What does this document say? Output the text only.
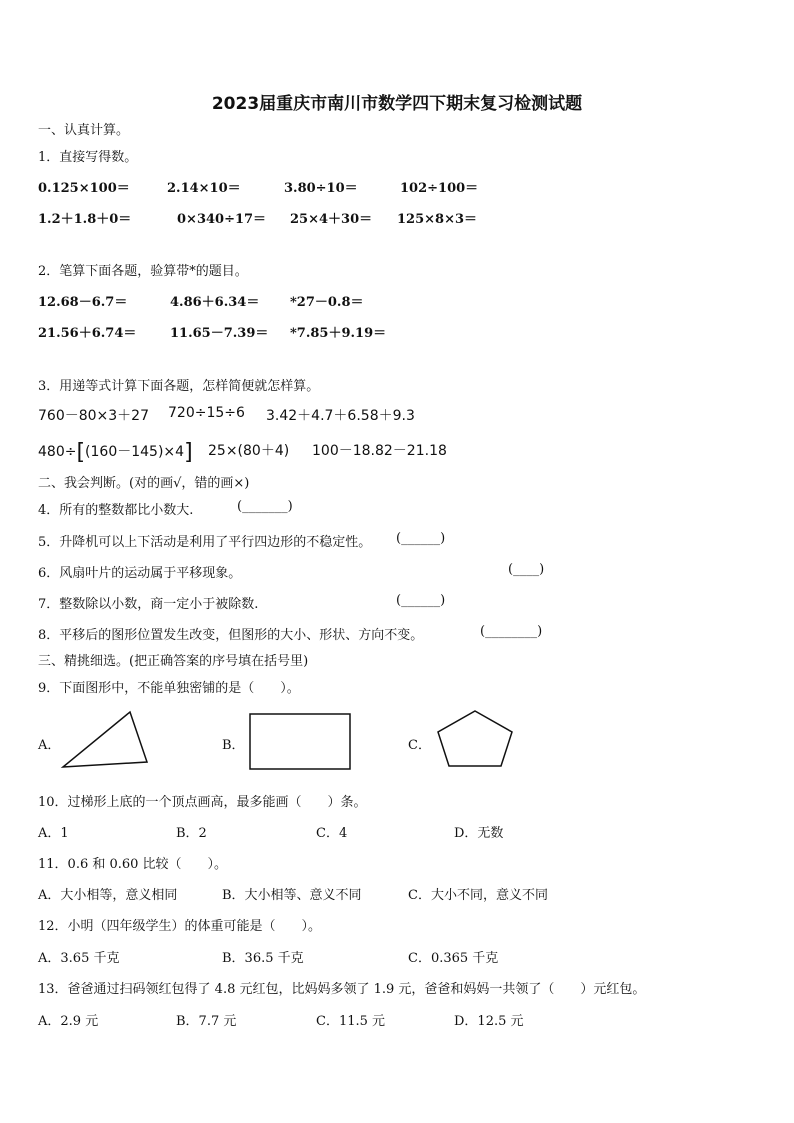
2023届重庆市南川市数学四下期末复习检测试题
一、认真计算。
1．直接写得数。
0.125×100＝	2.14×10＝	3.80÷10＝	102÷100＝
1.2＋1.8＋0＝	0×340÷17＝ 25×4＋30＝ 125×8×3＝
2．笔算下面各题，验算带*的题目。
12.68－6.7＝	4.86＋6.34＝ *27－0.8＝
21.56＋6.74＝	11.65－7.39＝ *7.85＋9.19＝
3．用递等式计算下面各题，怎样简便就怎样算。
760－80×3＋27 720÷15÷6 3.42＋4.7＋6.58＋9.3
480÷[(160－145)×4] 25×(80＋4) 100－18.82－21.18
二、我会判断。(对的画√，错的画×)
4．所有的整数都比小数大.	(_______)
5．升降机可以上下活动是利用了平行四边形的不稳定性。 (______)
6．风扇叶片的运动属于平移现象。	(____)
7．整数除以小数，商一定小于被除数.	(______)
8．平移后的图形位置发生改变，但图形的大小、形状、方向不变。	(________)
三、精挑细选。(把正确答案的序号填在括号里)
9．下面图形中，不能单独密铺的是（　　）。
A．	B．	C．
10．过梯形上底的一个顶点画高，最多能画（　　）条。
A．1	B．2	C．4	D．无数
11．0.6 和 0.60 比较（　　）。
A．大小相等，意义相同	B．大小相等、意义不同	C．大小不同，意义不同
12．小明（四年级学生）的体重可能是（　　）。
A．3.65 千克	B．36.5 千克	C．0.365 千克
13．爸爸通过扫码领红包得了 4.8 元红包，比妈妈多领了 1.9 元，爸爸和妈妈一共领了（　　）元红包。
A．2.9 元	B．7.7 元	C．11.5 元	D．12.5 元
